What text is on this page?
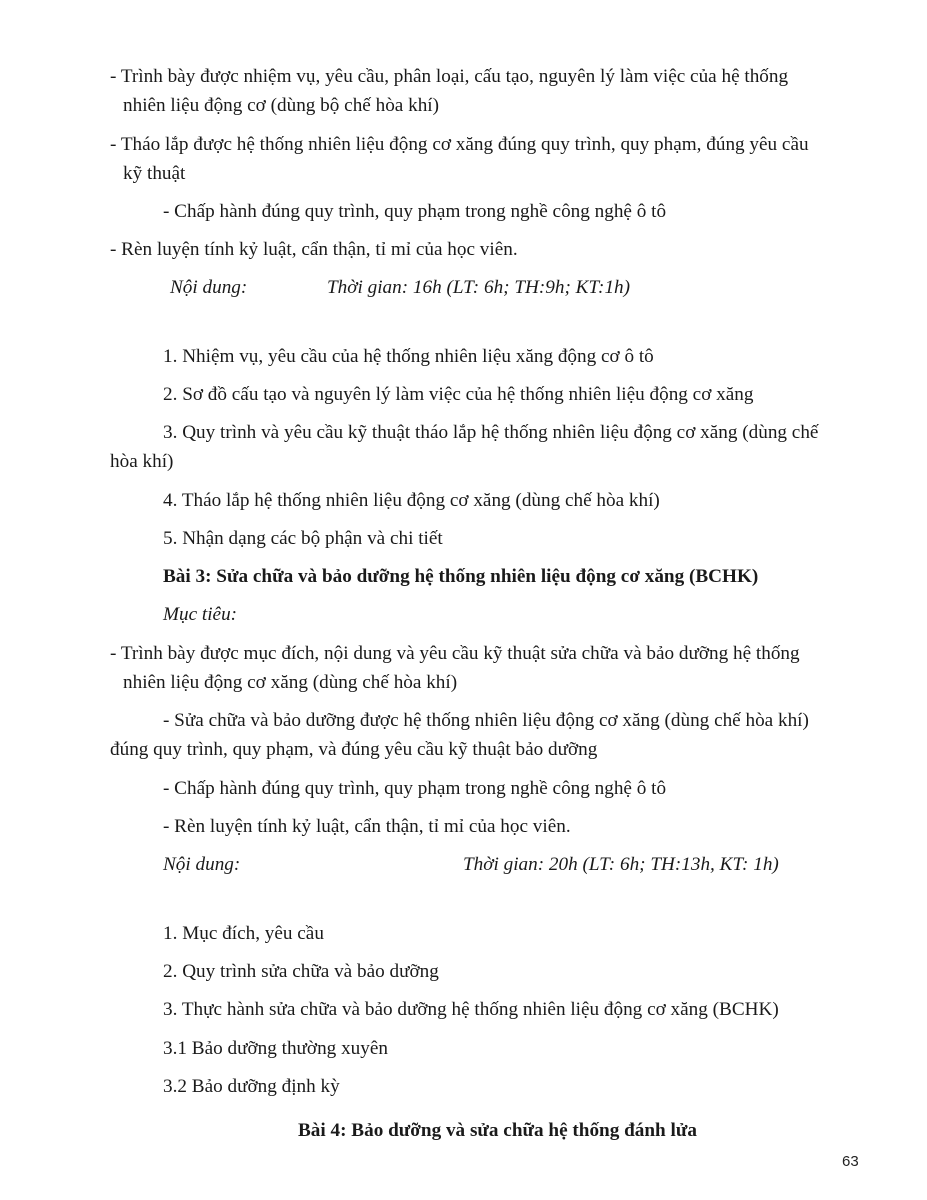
- Trình bày được nhiệm vụ, yêu cầu, phân loại, cấu tạo, nguyên lý làm việc của hệ thống
nhiên liệu động cơ (dùng bộ chế hòa khí)
- Tháo lắp được hệ thống nhiên liệu động cơ xăng đúng quy trình, quy phạm, đúng yêu cầu
kỹ thuật
- Chấp hành đúng quy trình, quy phạm trong nghề công nghệ ô tô
- Rèn luyện tính kỷ luật, cẩn thận, tỉ mỉ của học viên.
Nội dung:	Thời gian: 16h (LT: 6h; TH:9h; KT:1h)
1. Nhiệm vụ, yêu cầu của hệ thống nhiên liệu xăng động cơ ô tô
2. Sơ đồ cấu tạo và nguyên lý làm việc của hệ thống nhiên liệu động cơ xăng
3. Quy trình và yêu cầu kỹ thuật tháo lắp hệ thống nhiên liệu động cơ xăng (dùng chế
hòa khí)
4. Tháo lắp hệ thống nhiên liệu động cơ xăng (dùng chế hòa khí)
5. Nhận dạng các bộ phận và chi tiết
Bài 3: Sửa chữa và bảo dưỡng hệ thống nhiên liệu động cơ xăng (BCHK)
Mục tiêu:
- Trình bày được mục đích, nội dung và yêu cầu kỹ thuật sửa chữa và bảo dưỡng hệ thống
nhiên liệu động cơ xăng (dùng chế hòa khí)
- Sửa chữa và bảo dưỡng được hệ thống nhiên liệu động cơ xăng (dùng chế hòa khí)
đúng quy trình, quy phạm, và đúng yêu cầu kỹ thuật bảo dưỡng
- Chấp hành đúng quy trình, quy phạm trong nghề công nghệ ô tô
- Rèn luyện tính kỷ luật, cẩn thận, tỉ mỉ của học viên.
Nội dung:	Thời gian: 20h (LT: 6h; TH:13h, KT: 1h)
1. Mục đích, yêu cầu
2. Quy trình sửa chữa và bảo dưỡng
3. Thực hành sửa chữa và bảo dưỡng hệ thống nhiên liệu động cơ xăng (BCHK)
3.1 Bảo dưỡng thường xuyên
3.2 Bảo dưỡng định kỳ
Bài 4: Bảo dưỡng và sửa chữa hệ thống đánh lửa
63
